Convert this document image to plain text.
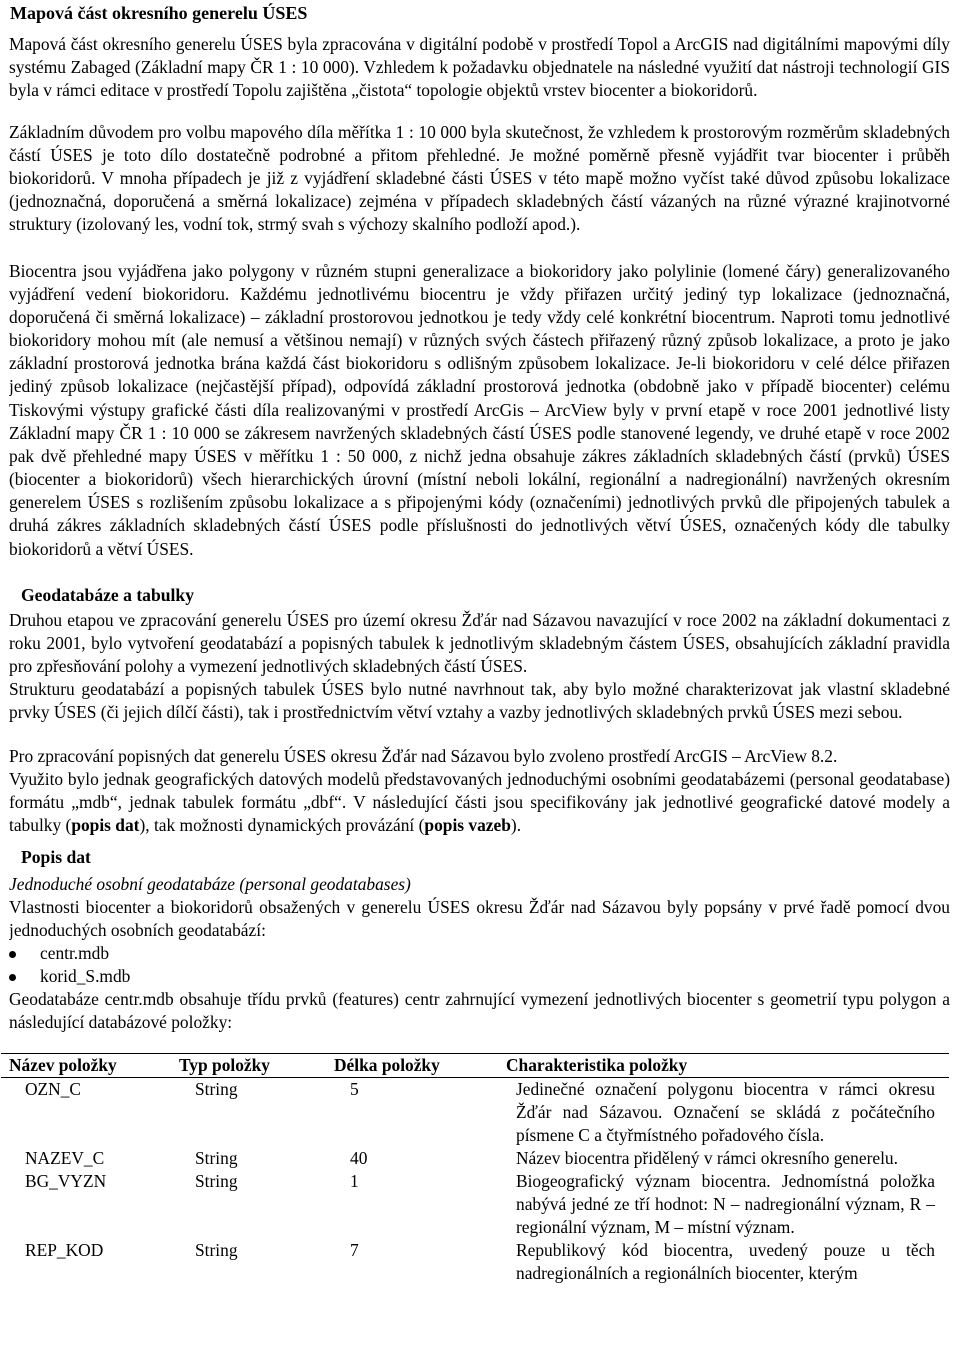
Mapová část okresního generelu ÚSES
Mapová část okresního generelu ÚSES byla zpracována v digitální podobě v prostředí Topol a ArcGIS nad digitálními mapovými díly systému Zabaged (Základní mapy ČR 1 : 10 000). Vzhledem k požadavku objednatele na následné využití dat nástroji technologií GIS byla v rámci editace v prostředí Topolu zajištěna „čistota“ topologie objektů vrstev biocenter a biokoridorů.
Základním důvodem pro volbu mapového díla měřítka 1 : 10 000 byla skutečnost, že vzhledem k prostorovým rozměrům skladebných částí ÚSES je toto dílo dostatečně podrobné a přitom přehledné. Je možné poměrně přesně vyjádřit tvar biocenter i průběh biokoridorů. V mnoha případech je již z vyjádření skladebné části ÚSES v této mapě možno vyčíst také důvod způsobu lokalizace (jednoznačná, doporučená a směrná lokalizace) zejména v případech skladebných částí vázaných na různé výrazné krajinotvorné struktury (izolovaný les, vodní tok, strmý svah s výchozy skalního podloží apod.).
Biocentra jsou vyjádřena jako polygony v různém stupni generalizace a biokoridory jako polylinie (lomené čáry) generalizovaného vyjádření vedení biokoridoru. Každému jednotlivému biocentru je vždy přiřazen určitý jediný typ lokalizace (jednoznačná, doporučená či směrná lokalizace) – základní prostorovou jednotkou je tedy vždy celé konkrétní biocentrum. Naproti tomu jednotlivé biokoridory mohou mít (ale nemusí a většinou nemají) v různých svých částech přiřazený různý způsob lokalizace, a proto je jako základní prostorová jednotka brána každá část biokoridoru s odlišným způsobem lokalizace. Je-li biokoridoru v celé délce přiřazen jediný způsob lokalizace (nejčastější případ), odpovídá základní prostorová jednotka (obdobně jako v případě biocenter) celému
Tiskovými výstupy grafické části díla realizovanými v prostředí ArcGis – ArcView byly v první etapě v roce 2001 jednotlivé listy Základní mapy ČR 1 : 10 000 se zákresem navržených skladebných částí ÚSES podle stanovené legendy, ve druhé etapě v roce 2002 pak dvě přehledné mapy ÚSES v měřítku 1 : 50 000, z nichž jedna obsahuje zákres základních skladebných částí (prvků) ÚSES (biocenter a biokoridorů) všech hierarchických úrovní (místní neboli lokální, regionální a nadregionální) navržených okresním generelem ÚSES s rozlišením způsobu lokalizace a s připojenými kódy (označeními) jednotlivých prvků dle připojených tabulek a druhá zákres základních skladebných částí ÚSES podle příslušnosti do jednotlivých větví ÚSES, označených kódy dle tabulky biokoridorů a větví ÚSES.
Geodatabáze a tabulky
Druhou etapou ve zpracování generelu ÚSES pro území okresu Žďár nad Sázavou navazující v roce 2002 na základní dokumentaci z roku 2001, bylo vytvoření geodatabází a popisných tabulek k jednotlivým skladebným částem ÚSES, obsahujících základní pravidla pro zpřesňování polohy a vymezení jednotlivých skladebných částí ÚSES.
Strukturu geodatabází a popisných tabulek ÚSES bylo nutné navrhnout tak, aby bylo možné charakterizovat jak vlastní skladebné prvky ÚSES (či jejich dílčí části), tak i prostřednictvím větví vztahy a vazby jednotlivých skladebných prvků ÚSES mezi sebou.
Pro zpracování popisných dat generelu ÚSES okresu Žďár nad Sázavou bylo zvoleno prostředí ArcGIS – ArcView 8.2.
Využito bylo jednak geografických datových modelů představovaných jednoduchými osobními geodatabázemi (personal geodatabase) formátu „mdb“, jednak tabulek formátu „dbf“. V následující části jsou specifikovány jak jednotlivé geografické datové modely a tabulky (popis dat), tak možnosti dynamických provázání (popis vazeb).
Popis dat
Jednoduché osobní geodatabáze (personal geodatabases)
Vlastnosti biocenter a biokoridorů obsažených v generelu ÚSES okresu Žďár nad Sázavou byly popsány v prvé řadě pomocí dvou jednoduchých osobních geodatabází:
centr.mdb
korid_S.mdb
Geodatabáze centr.mdb obsahuje třídu prvků (features) centr zahrnující vymezení jednotlivých biocenter s geometrií typu polygon a následující databázové položky:
Název položky	Typ položky	Délka položky	Charakteristika položky
OZN_C	String	5	Jedinečné označení polygonu biocentra v rámci okresu Žďár nad Sázavou. Označení se skládá z počátečního písmene C a čtyřmístného pořadového čísla.
NAZEV_C	String	40	Název biocentra přidělený v rámci okresního generelu.
BG_VYZN	String	1	Biogeografický význam biocentra. Jednomístná položka nabývá jedné ze tří hodnot: N – nadregionální význam, R – regionální význam, M – místní význam.
REP_KOD	String	7	Republikový kód biocentra, uvedený pouze u těch nadregionálních a regionálních biocenter, kterým
